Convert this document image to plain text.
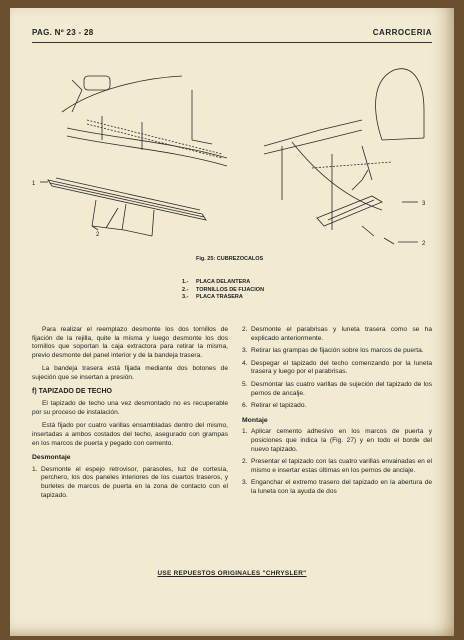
PAG. Nº 23 - 28	CARROCERIA
1
2
3
2
Fig. 25: CUBREZOCALOS
1.- PLACA DELANTERA
2.- TORNILLOS DE FIJACION
3.- PLACA TRASERA

Para realizar el reemplazo desmonte los dos tornillos de fijación de la rejilla, quite la misma y luego desmonte los dos tornillos que soportan la caja extractora para retirar la misma, previo desmonte del panel interior y de la bandeja trasera.

La bandeja trasera está fijada mediante dos botones de sujeción que se insertan a presión.

f) TAPIZADO DE TECHO

El tapizado de techo una vez desmontado no es recuperable por su proceso de instalación.

Está fijado por cuatro varillas ensambladas dentro del mismo, insertadas a ambos costados del techo, asegurado con grampas en los marcos de puerta y pegado con cemento.

Desmontaje
1. Desmonte el espejo retrovisor, parasoles, luz de cortesía, perchero, los dos paneles interiores de los cuartos traseros, y burletes de marcos de puerta en la zona de contacto con el tapizado.
2. Desmonte el parabrisas y luneta trasera como se ha explicado anteriormente.
3. Retirar las grampas de fijación sobre los marcos de puerta.
4. Despegar el tapizado del techo comenzando por la luneta trasera y luego por el parabrisas.
5. Desmontar las cuatro varillas de sujeción del tapizado de los pernos de ancalje.
6. Retirar el tapizado.
Montaje
1. Aplicar cemento adhesivo en los marcos de puerta y posiciones que indica la (Fig. 27) y en todo el borde del nuevo tapizado.
2. Presentar el tapizado con las cuatro varillas envainadas en el mismo e insertar estas últimas en los pernos de anclaje.
3. Enganchar el extremo trasero del tapizado en la abertura de la luneta con la ayuda de dos
USE REPUESTOS ORIGINALES "CHRYSLER"
